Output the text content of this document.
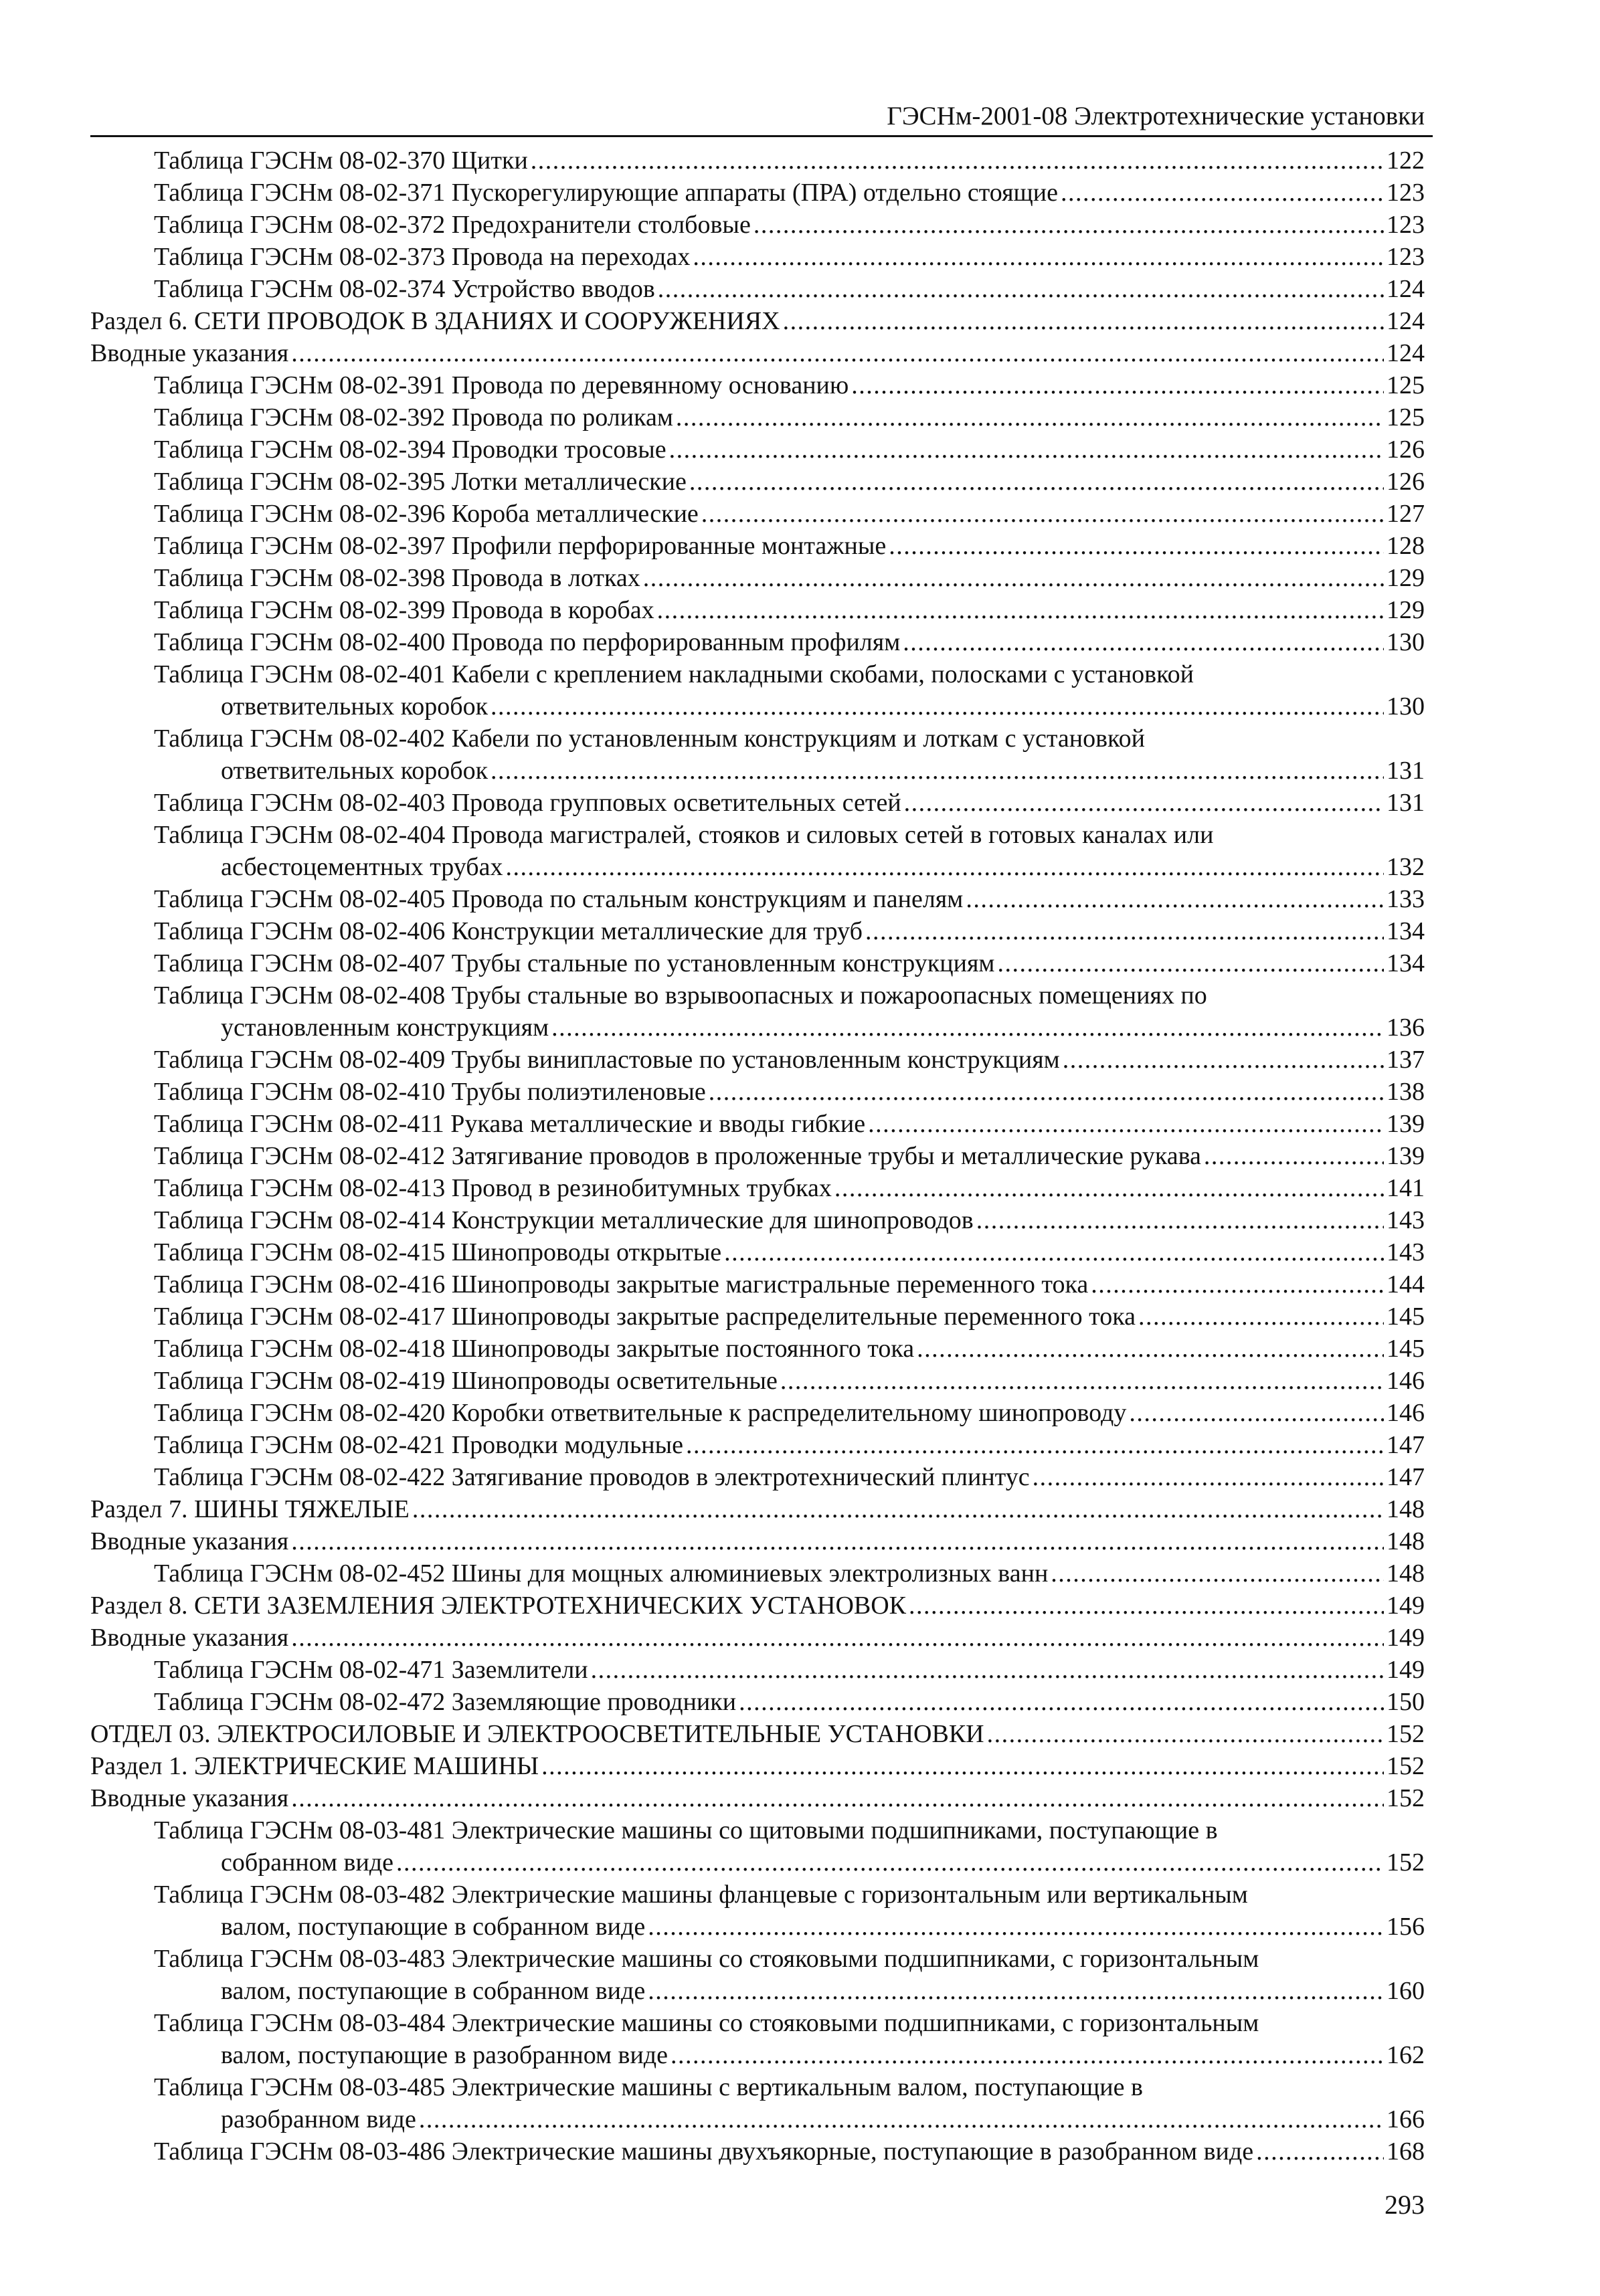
ГЭСНм-2001-08 Электротехнические установки
Таблица ГЭСНм 08-02-370 Щитки . . .	122
Таблица ГЭСНм 08-02-371 Пускорегулирующие аппараты (ПРА) отдельно стоящие . . .	123
Таблица ГЭСНм 08-02-372 Предохранители столбовые . . .	123
Таблица ГЭСНм 08-02-373 Провода на переходах . . .	123
Таблица ГЭСНм 08-02-374 Устройство вводов . . .	124
Раздел 6. СЕТИ ПРОВОДОК В ЗДАНИЯХ И СООРУЖЕНИЯХ . . .	124
Вводные указания . . .	124
Таблица ГЭСНм 08-02-391 Провода по деревянному основанию . . .	125
Таблица ГЭСНм 08-02-392 Провода по роликам . . .	125
Таблица ГЭСНм 08-02-394 Проводки тросовые . . .	126
Таблица ГЭСНм 08-02-395 Лотки металлические . . .	126
Таблица ГЭСНм 08-02-396 Короба металлические . . .	127
Таблица ГЭСНм 08-02-397 Профили перфорированные монтажные . . .	128
Таблица ГЭСНм 08-02-398 Провода в лотках . . .	129
Таблица ГЭСНм 08-02-399 Провода в коробах . . .	129
Таблица ГЭСНм 08-02-400 Провода по перфорированным профилям . . .	130
Таблица ГЭСНм 08-02-401 Кабели с креплением накладными скобами, полосками с установкой
ответвительных коробок . . .	130
Таблица ГЭСНм 08-02-402 Кабели по установленным конструкциям и лоткам с установкой
ответвительных коробок . . .	131
Таблица ГЭСНм 08-02-403 Провода групповых осветительных сетей . . .	131
Таблица ГЭСНм 08-02-404 Провода магистралей, стояков и силовых сетей в готовых каналах или
асбестоцементных трубах . . .	132
Таблица ГЭСНм 08-02-405 Провода по стальным конструкциям и панелям . . .	133
Таблица ГЭСНм 08-02-406 Конструкции металлические для труб . . .	134
Таблица ГЭСНм 08-02-407 Трубы стальные по установленным конструкциям . . .	134
Таблица ГЭСНм 08-02-408 Трубы стальные во взрывоопасных и пожароопасных помещениях по
установленным конструкциям . . .	136
Таблица ГЭСНм 08-02-409 Трубы винипластовые по установленным конструкциям . . .	137
Таблица ГЭСНм 08-02-410 Трубы полиэтиленовые . . .	138
Таблица ГЭСНм 08-02-411 Рукава металлические и вводы гибкие . . .	139
Таблица ГЭСНм 08-02-412 Затягивание проводов в проложенные трубы и металлические рукава . . .	139
Таблица ГЭСНм 08-02-413 Провод в резинобитумных трубках . . .	141
Таблица ГЭСНм 08-02-414 Конструкции металлические для шинопроводов . . .	143
Таблица ГЭСНм 08-02-415 Шинопроводы открытые . . .	143
Таблица ГЭСНм 08-02-416 Шинопроводы закрытые магистральные переменного тока . . .	144
Таблица ГЭСНм 08-02-417 Шинопроводы закрытые распределительные переменного тока . . .	145
Таблица ГЭСНм 08-02-418 Шинопроводы закрытые постоянного тока . . .	145
Таблица ГЭСНм 08-02-419 Шинопроводы осветительные . . .	146
Таблица ГЭСНм 08-02-420 Коробки ответвительные к распределительному шинопроводу . . .	146
Таблица ГЭСНм 08-02-421 Проводки модульные . . .	147
Таблица ГЭСНм 08-02-422 Затягивание проводов в электротехнический плинтус . . .	147
Раздел 7. ШИНЫ ТЯЖЕЛЫЕ . . .	148
Вводные указания . . .	148
Таблица ГЭСНм 08-02-452 Шины для мощных алюминиевых электролизных ванн . . .	148
Раздел 8. СЕТИ ЗАЗЕМЛЕНИЯ ЭЛЕКТРОТЕХНИЧЕСКИХ УСТАНОВОК . . .	149
Вводные указания . . .	149
Таблица ГЭСНм 08-02-471 Заземлители . . .	149
Таблица ГЭСНм 08-02-472 Заземляющие проводники . . .	150
ОТДЕЛ 03. ЭЛЕКТРОСИЛОВЫЕ И ЭЛЕКТРООСВЕТИТЕЛЬНЫЕ УСТАНОВКИ . . .	152
Раздел 1. ЭЛЕКТРИЧЕСКИЕ МАШИНЫ . . .	152
Вводные указания . . .	152
Таблица ГЭСНм 08-03-481 Электрические машины со щитовыми подшипниками, поступающие в
собранном виде . . .	152
Таблица ГЭСНм 08-03-482 Электрические машины фланцевые с горизонтальным или вертикальным
валом, поступающие в собранном виде . . .	156
Таблица ГЭСНм 08-03-483 Электрические машины со стояковыми подшипниками, с горизонтальным
валом, поступающие в собранном виде . . .	160
Таблица ГЭСНм 08-03-484 Электрические машины со стояковыми подшипниками, с горизонтальным
валом, поступающие в разобранном виде . . .	162
Таблица ГЭСНм 08-03-485 Электрические машины с вертикальным валом, поступающие в
разобранном виде . . .	166
Таблица ГЭСНм 08-03-486 Электрические машины двухъякорные, поступающие в разобранном виде . . .	168
293
